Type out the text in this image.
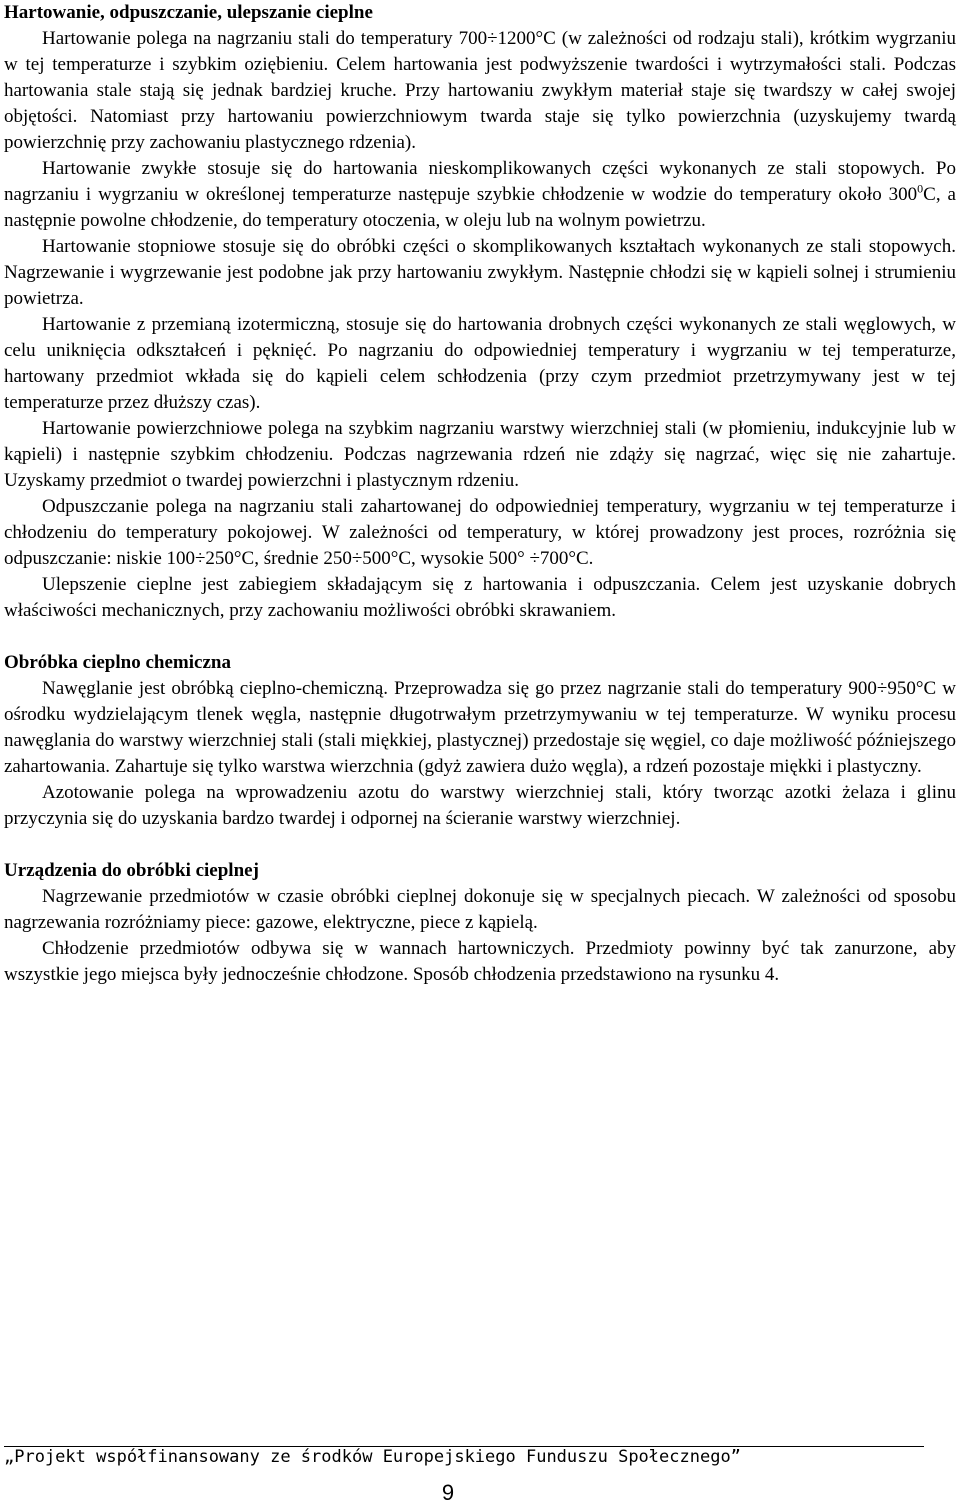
Hartowanie, odpuszczanie, ulepszanie cieplne

Hartowanie polega na nagrzaniu stali do temperatury 700÷1200°C (w zależności od rodzaju stali), krótkim wygrzaniu w tej temperaturze i szybkim oziębieniu. Celem hartowania jest podwyższenie twardości i wytrzymałości stali. Podczas hartowania stale stają się jednak bardziej kruche. Przy hartowaniu zwykłym materiał staje się twardszy w całej swojej objętości. Natomiast przy hartowaniu powierzchniowym twarda staje się tylko powierzchnia (uzyskujemy twardą powierzchnię przy zachowaniu plastycznego rdzenia).

Hartowanie zwykłe stosuje się do hartowania nieskomplikowanych części wykonanych ze stali stopowych. Po nagrzaniu i wygrzaniu w określonej temperaturze następuje szybkie chłodzenie w wodzie do temperatury około $300^0C$, a następnie powolne chłodzenie, do temperatury otoczenia, w oleju lub na wolnym powietrzu.

Hartowanie stopniowe stosuje się do obróbki części o skomplikowanych kształtach wykonanych ze stali stopowych. Nagrzewanie i wygrzewanie jest podobne jak przy hartowaniu zwykłym. Następnie chłodzi się w kąpieli solnej i strumieniu powietrza.

Hartowanie z przemianą izotermiczną, stosuje się do hartowania drobnych części wykonanych ze stali węglowych, w celu uniknięcia odkształceń i pęknięć. Po nagrzaniu do odpowiedniej temperatury i wygrzaniu w tej temperaturze, hartowany przedmiot wkłada się do kąpieli celem schłodzenia (przy czym przedmiot przetrzymywany jest w tej temperaturze przez dłuższy czas).

Hartowanie powierzchniowe polega na szybkim nagrzaniu warstwy wierzchniej stali (w płomieniu, indukcyjnie lub w kąpieli) i następnie szybkim chłodzeniu. Podczas nagrzewania rdzeń nie zdąży się nagrzać, więc się nie zahartuje. Uzyskamy przedmiot o twardej powierzchni i plastycznym rdzeniu.

Odpuszczanie polega na nagrzaniu stali zahartowanej do odpowiedniej temperatury, wygrzaniu w tej temperaturze i chłodzeniu do temperatury pokojowej. W zależności od temperatury, w której prowadzony jest proces, rozróżnia się odpuszczanie: niskie 100÷250°C, średnie 250÷500°C, wysokie 500° ÷700°C.

Ulepszenie cieplne jest zabiegiem składającym się z hartowania i odpuszczania. Celem jest uzyskanie dobrych właściwości mechanicznych, przy zachowaniu możliwości obróbki skrawaniem.

Obróbka cieplno chemiczna

Nawęglanie jest obróbką cieplno-chemiczną. Przeprowadza się go przez nagrzanie stali do temperatury 900÷950°C w ośrodku wydzielającym tlenek węgla, następnie długotrwałym przetrzymywaniu w tej temperaturze. W wyniku procesu nawęglania do warstwy wierzchniej stali (stali miękkiej, plastycznej) przedostaje się węgiel, co daje możliwość późniejszego zahartowania. Zahartuje się tylko warstwa wierzchnia (gdyż zawiera dużo węgla), a rdzeń pozostaje miękki i plastyczny.

Azotowanie polega na wprowadzeniu azotu do warstwy wierzchniej stali, który tworząc azotki żelaza i glinu przyczynia się do uzyskania bardzo twardej i odpornej na ścieranie warstwy wierzchniej.

Urządzenia do obróbki cieplnej

Nagrzewanie przedmiotów w czasie obróbki cieplnej dokonuje się w specjalnych piecach. W zależności od sposobu nagrzewania rozróżniamy piece: gazowe, elektryczne, piece z kąpielą.

Chłodzenie przedmiotów odbywa się w wannach hartowniczych. Przedmioty powinny być tak zanurzone, aby wszystkie jego miejsca były jednocześnie chłodzone. Sposób chłodzenia przedstawiono na rysunku 4.

„Projekt współfinansowany ze środków Europejskiego Funduszu Społecznego”
9
